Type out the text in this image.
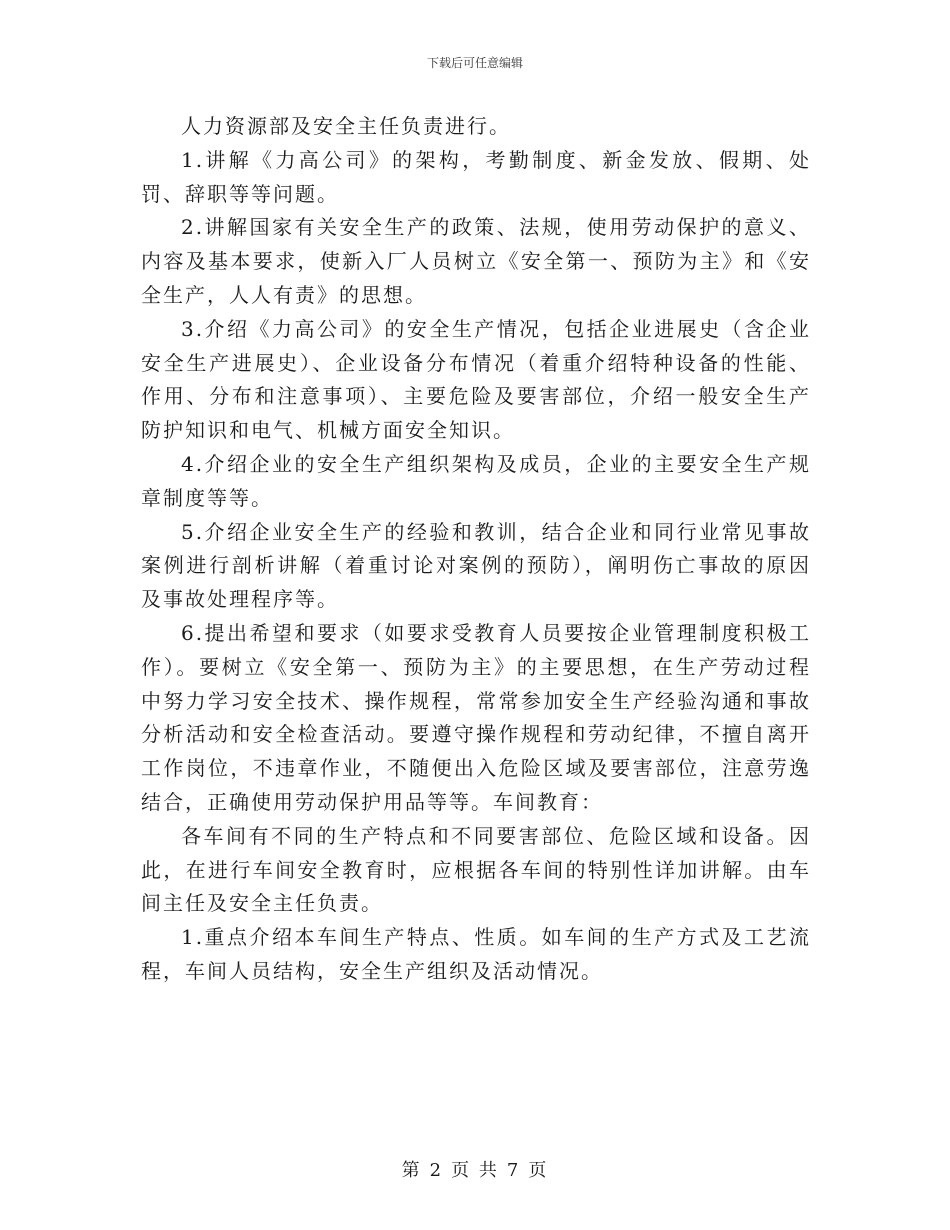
下载后可任意编辑

人力资源部及安全主任负责进行。

1.讲解《力高公司》的架构，考勤制度、新金发放、假期、处罚、辞职等等问题。

2.讲解国家有关安全生产的政策、法规，使用劳动保护的意义、内容及基本要求，使新入厂人员树立《安全第一、预防为主》和《安全生产，人人有责》的思想。

3.介绍《力高公司》的安全生产情况，包括企业进展史（含企业安全生产进展史）、企业设备分布情况（着重介绍特种设备的性能、作用、分布和注意事项）、主要危险及要害部位，介绍一般安全生产防护知识和电气、机械方面安全知识。

4.介绍企业的安全生产组织架构及成员，企业的主要安全生产规章制度等等。

5.介绍企业安全生产的经验和教训，结合企业和同行业常见事故案例进行剖析讲解（着重讨论对案例的预防），阐明伤亡事故的原因及事故处理程序等。

6.提出希望和要求（如要求受教育人员要按企业管理制度积极工作）。要树立《安全第一、预防为主》的主要思想，在生产劳动过程中努力学习安全技术、操作规程，常常参加安全生产经验沟通和事故分析活动和安全检查活动。要遵守操作规程和劳动纪律，不擅自离开工作岗位，不违章作业，不随便出入危险区域及要害部位，注意劳逸结合，正确使用劳动保护用品等等。车间教育：

各车间有不同的生产特点和不同要害部位、危险区域和设备。因此，在进行车间安全教育时，应根据各车间的特别性详加讲解。由车间主任及安全主任负责。

1.重点介绍本车间生产特点、性质。如车间的生产方式及工艺流程，车间人员结构，安全生产组织及活动情况。

第 2 页 共 7 页
